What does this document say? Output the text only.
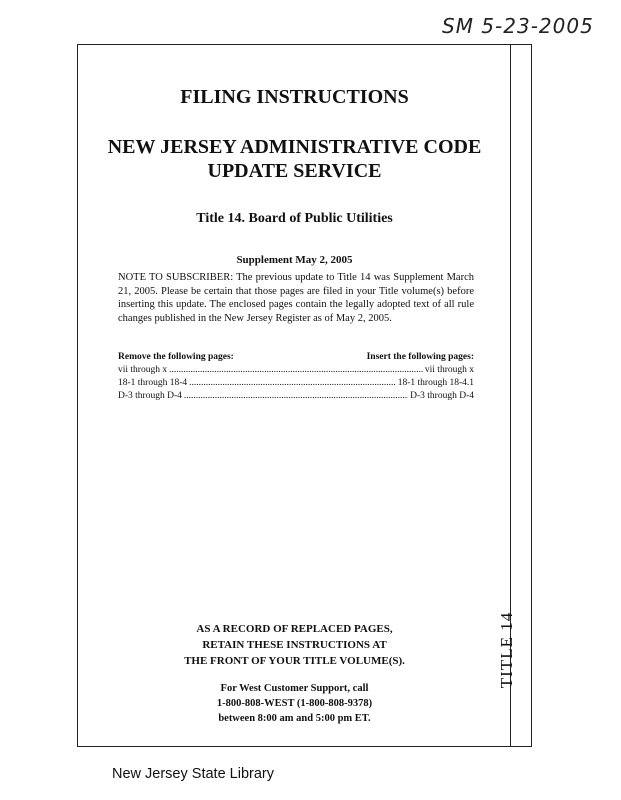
SM 5-23-2005
TITLE 14
FILING INSTRUCTIONS
NEW JERSEY ADMINISTRATIVE CODE
UPDATE SERVICE
Title 14. Board of Public Utilities
Supplement May 2, 2005

NOTE TO SUBSCRIBER: The previous update to Title 14 was Supplement March 21, 2005. Please be certain that those pages are filed in your Title volume(s) before inserting this update. The enclosed pages contain the legally adopted text of all rule changes published in the New Jersey Register as of May 2, 2005.

Remove the following pages:	Insert the following pages:
vii through x .....	vii through x
18-1 through 18-4 .....	18-1 through 18-4.1
D-3 through D-4 .....	D-3 through D-4
AS A RECORD OF REPLACED PAGES,
RETAIN THESE INSTRUCTIONS AT
THE FRONT OF YOUR TITLE VOLUME(S).
For West Customer Support, call
1-800-808-WEST (1-800-808-9378)
between 8:00 am and 5:00 pm ET.
New Jersey State Library
